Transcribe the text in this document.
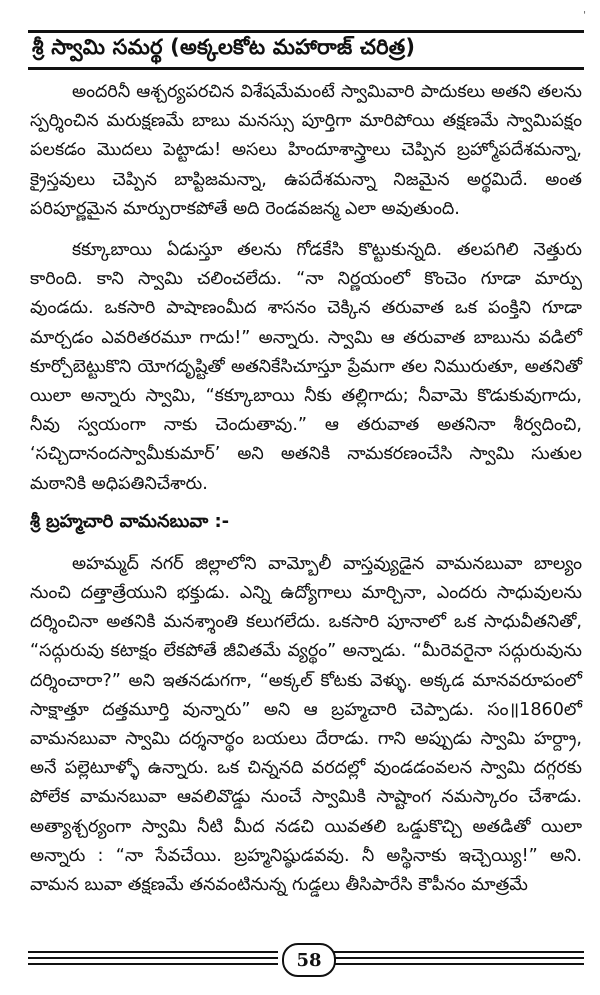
'
శ్రీ స్వామి సమర్థ (అక్కలకోట మహారాజ్ చరిత్ర)

అందరినీ ఆశ్చర్యపరచిన విశేషమేమంటే స్వామివారి పాదుకలు అతని తలను స్పర్శించిన మరుక్షణమే బాబు మనస్సు పూర్తిగా మారిపోయి తక్షణమే స్వామిపక్షం పలకడం మొదలు పెట్టాడు! అసలు హిందూశాస్త్రాలు చెప్పిన బ్రహ్మోపదేశమన్నా, క్రైస్తవులు చెప్పిన బాప్టిజమన్నా, ఉపదేశమన్నా నిజమైన అర్థమిదే. అంత పరిపూర్ణమైన మార్పురాకపోతే అది రెండవజన్మ ఎలా అవుతుంది.

కక్కూబాయి ఏడుస్తూ తలను గోడకేసి కొట్టుకున్నది. తలపగిలి నెత్తురు కారింది. కాని స్వామి చలించలేదు. “నా నిర్ణయంలో కొంచెం గూడా మార్పు వుండదు. ఒకసారి పాషాణంమీద శాసనం చెక్కిన తరువాత ఒక పంక్తిని గూడా మార్చడం ఎవరితరమూ గాదు!” అన్నారు. స్వామి ఆ తరువాత బాబును వడిలో కూర్చోబెట్టుకొని యోగదృష్టితో అతనికేసిచూస్తూ ప్రేమగా తల నిమురుతూ, అతనితో యిలా అన్నారు స్వామి, “కక్కూబాయి నీకు తల్లిగాదు; నీవామె కొడుకువుగాదు, నీవు స్వయంగా నాకు చెందుతావు.” ఆ తరువాత అతనినా శీర్వదించి, ‘సచ్చిదానందస్వామీకుమార్’ అని అతనికి నామకరణంచేసి స్వామి సుతుల మఠానికి అధిపతినిచేశారు.

శ్రీ బ్రహ్మచారి వామనబువా :-

అహమ్మద్ నగర్ జిల్లాలోని వామ్బోలీ వాస్తవ్యుడైన వామనబువా బాల్యం నుంచి దత్తాత్రేయుని భక్తుడు. ఎన్ని ఉద్యోగాలు మార్చినా, ఎందరు సాధువులను దర్శించినా అతనికి మనశ్శాంతి కలుగలేదు. ఒకసారి పూనాలో ఒక సాధువీతనితో, “సద్గురువు కటాక్షం లేకపోతే జీవితమే వ్యర్థం” అన్నాడు. “మీరెవరైనా సద్గురువును దర్శించారా?” అని ఇతనడుగగా, “అక్కల్ కోటకు వెళ్ళు. అక్కడ మానవరూపంలో సాక్షాత్తూ దత్తమూర్తి వున్నారు” అని ఆ బ్రహ్మచారి చెప్పాడు. సం॥1860లో వామనబువా స్వామి దర్శనార్థం బయలు దేరాడు. గాని అప్పుడు స్వామి హర్ద్రా, అనే పల్లెటూళ్ళో ఉన్నారు. ఒక చిన్ననది వరదల్లో వుండడంవలన స్వామి దగ్గరకు పోలేక వామనబువా ఆవలివొడ్డు నుంచే స్వామికి సాష్టాంగ నమస్కారం చేశాడు. అత్యాశ్చర్యంగా స్వామి నీటి మీద నడచి యివతలి ఒడ్డుకొచ్చి అతడితో యిలా అన్నారు : “నా సేవచేయి. బ్రహ్మనిష్ఠుడవవు. నీ అస్థినాకు ఇచ్చెయ్యి!” అని. వామన బువా తక్షణమే తనవంటినున్న గుడ్డలు తీసిపారేసి కౌపీనం మాత్రమే

58
